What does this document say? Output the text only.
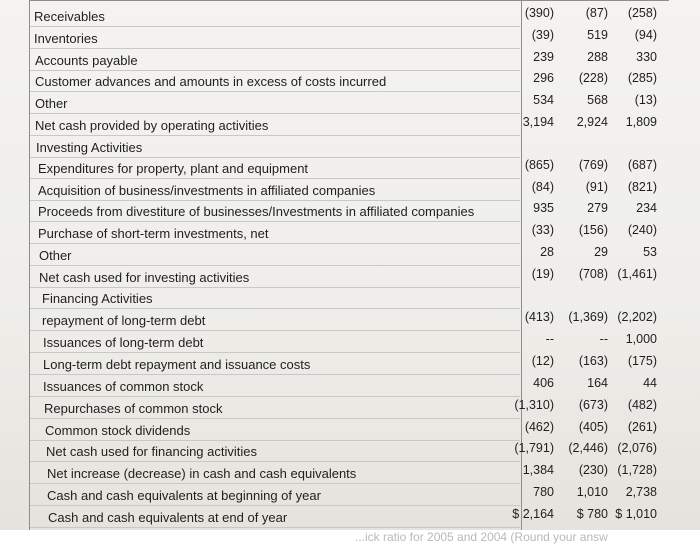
Receivables	(390)	(87) (258)
Inventories	(39)	519 (94)
Accounts payable	239	288 330
Customer advances and amounts in excess of costs incurred	296 (228) (285)
Other	534	568 (13)
Net cash provided by operating activities	3,194 2,924 1,809
Investing Activities
Expenditures for property, plant and equipment	(865) (769) (687)
Acquisition of business/investments in affiliated companies	(84)	(91) (821)
Proceeds from divestiture of businesses/Investments in affiliated companies	935	279 234
Purchase of short-term investments, net	(33) (156) (240)
Other	28	29	53
Net cash used for investing activities	(19) (708) (1,461)
Financing Activities
repayment of long-term debt	(413) (1,369) (2,202)
Issuances of long-term debt	--	-- 1,000
Long-term debt repayment and issuance costs	(12) (163) (175)
Issuances of common stock	406	164	44
Repurchases of common stock	(1,310) (673) (482)
Common stock dividends	(462) (405) (261)
Net cash used for financing activities	(1,791) (2,446) (2,076)
Net increase (decrease) in cash and cash equivalents	1,384 (230) (1,728)
Cash and cash equivalents at beginning of year	780 1,010 2,738
Cash and cash equivalents at end of year	$ 2,164 $ 780 $ 1,010
...ick ratio for 2005 and 2004 (Round your answ
